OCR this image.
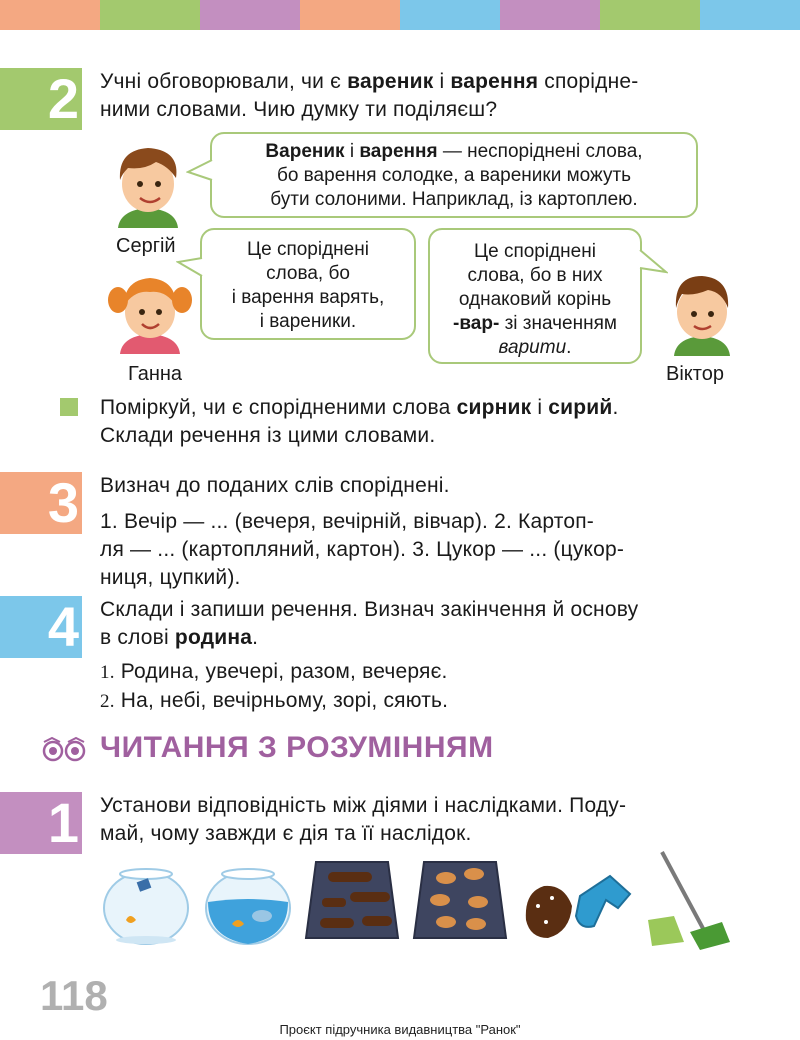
2 Учні обговорювали, чи є вареник і варення спорідне-
ними словами. Чию думку ти поділяєш?
Вареник і варення — неспоріднені слова,
бо варення солодке, а вареники можуть
бути солоними. Наприклад, із картоплею.
Сергій	Це споріднені
слова, бо
і варення варять,
і вареники.
Ганна
Це споріднені
слова, бо в них
однаковий корінь
-вар- зі значенням
варити.
Віктор
Поміркуй, чи є спорідненими слова сирник і сирий.
Склади речення із цими словами.
3 Визнач до поданих слів споріднені.
1. Вечір — ... (вечеря, вечірній, вівчар). 2. Картоп-
ля — ... (картопляний, картон). 3. Цукор — ... (цукор-
ниця, цупкий).
4 Склади і запиши речення. Визнач закінчення й основу
в слові родина.
1. Родина, увечері, разом, вечеряє.
2. На, небі, вечірньому, зорі, сяють.
ЧИТАННЯ З РОЗУМІННЯМ
1 Установи відповідність між діями і наслідками. Поду-
май, чому завжди є дія та її наслідок.
118
Проєкт підручника видавництва "Ранок"
